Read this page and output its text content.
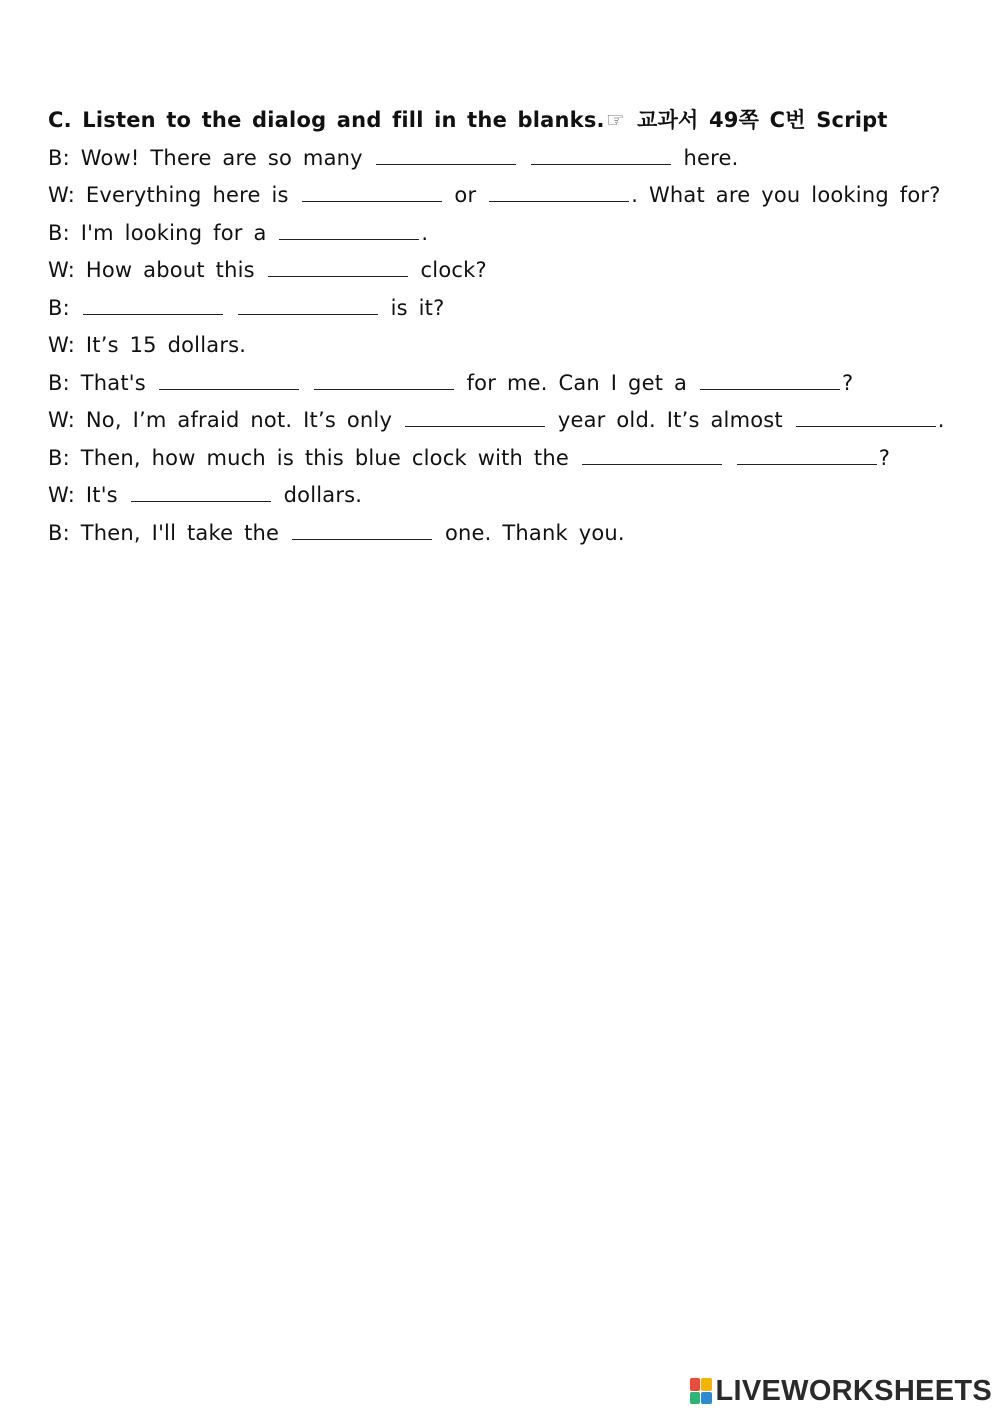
C. Listen to the dialog and fill in the blanks. ☞ 교과서 49쪽 C번 Script
B: Wow! There are so many	here.
W: Everything here is	or	. What are you looking for?
B: I'm looking for a	.
W: How about this	clock?
B:	is it?
W: It’s 15 dollars.
B: That's	for me. Can I get a	?
W: No, I’m afraid not. It’s only	year old. It’s almost	.
B: Then, how much is this blue clock with the	?
W: It's	dollars.
B: Then, I'll take the	one. Thank you.
LIVEWORKSHEETS
